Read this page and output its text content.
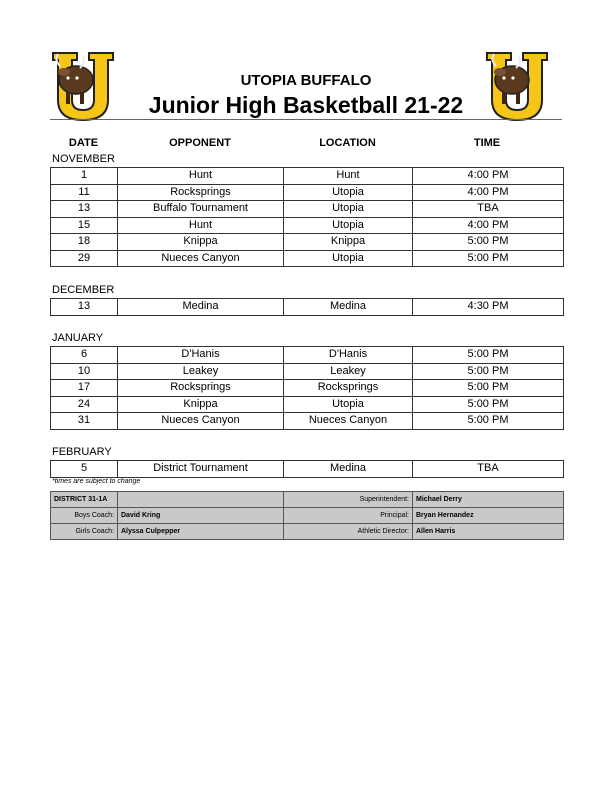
UTOPIA BUFFALO
Junior High Basketball 21-22
DATE	OPPONENT	LOCATION	TIME
NOVEMBER
1	Hunt	Hunt	4:00 PM
11	Rocksprings	Utopia	4:00 PM
13	Buffalo Tournament	Utopia	TBA
15	Hunt	Utopia	4:00 PM
18	Knippa	Knippa	5:00 PM
29	Nueces Canyon	Utopia	5:00 PM
DECEMBER
13	Medina	Medina	4:30 PM
JANUARY
6	D'Hanis	D'Hanis	5:00 PM
10	Leakey	Leakey	5:00 PM
17	Rocksprings	Rocksprings	5:00 PM
24	Knippa	Utopia	5:00 PM
31	Nueces Canyon	Nueces Canyon	5:00 PM
FEBRUARY
5	District Tournament	Medina	TBA
*times are subject to change
DISTRICT 31-1A		Superintendent:	Michael Derry
Boys Coach:	David Kring	Principal:	Bryan Hernandez
Girls Coach:	Alyssa Culpepper	Athletic Director:	Allen Harris
